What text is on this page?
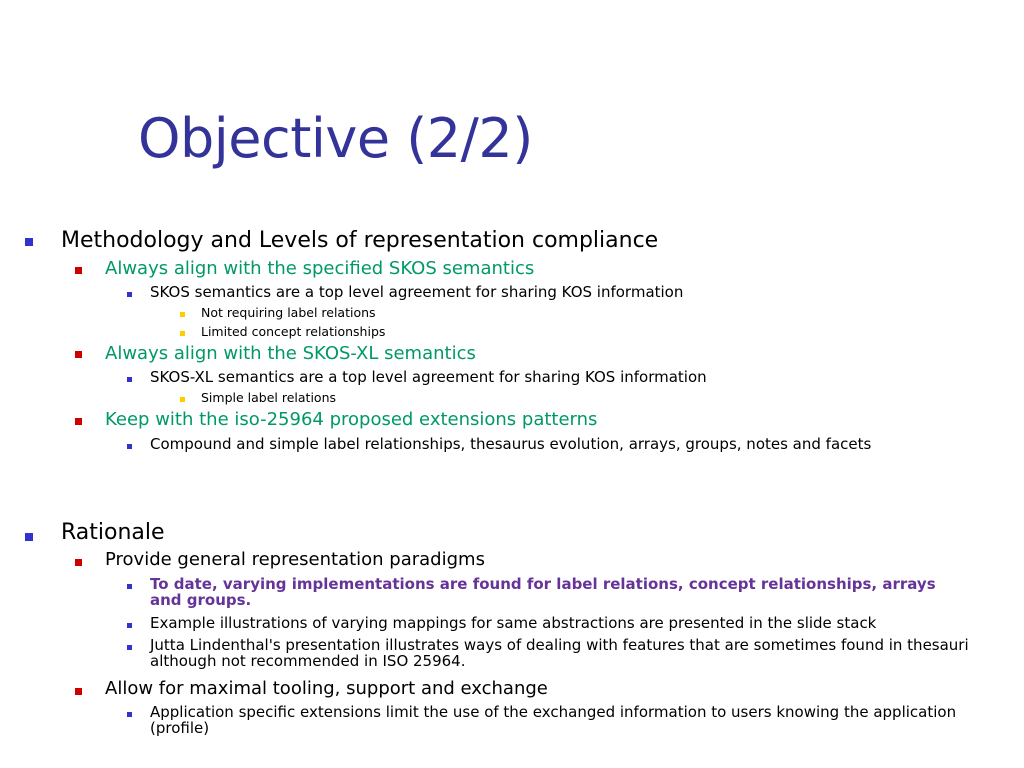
Objective (2/2)
Methodology and Levels of representation compliance
Always align with the specified SKOS semantics
SKOS semantics are a top level agreement for sharing KOS information
Not requiring label relations
Limited concept relationships
Always align with the SKOS-XL semantics
SKOS-XL semantics are a top level agreement for sharing KOS information
Simple label relations
Keep with the iso-25964 proposed extensions patterns
Compound and simple label relationships, thesaurus evolution, arrays, groups, notes and facets
Rationale
Provide general representation paradigms
To date, varying implementations are found for label relations, concept relationships, arrays and groups.
Example illustrations of varying mappings for same abstractions are presented in the slide stack
Jutta Lindenthal's presentation illustrates ways of dealing with features that are sometimes found in thesauri although not recommended in ISO 25964.
Allow for maximal tooling, support and exchange
Application specific extensions limit the use of the exchanged information to users knowing the application (profile)
